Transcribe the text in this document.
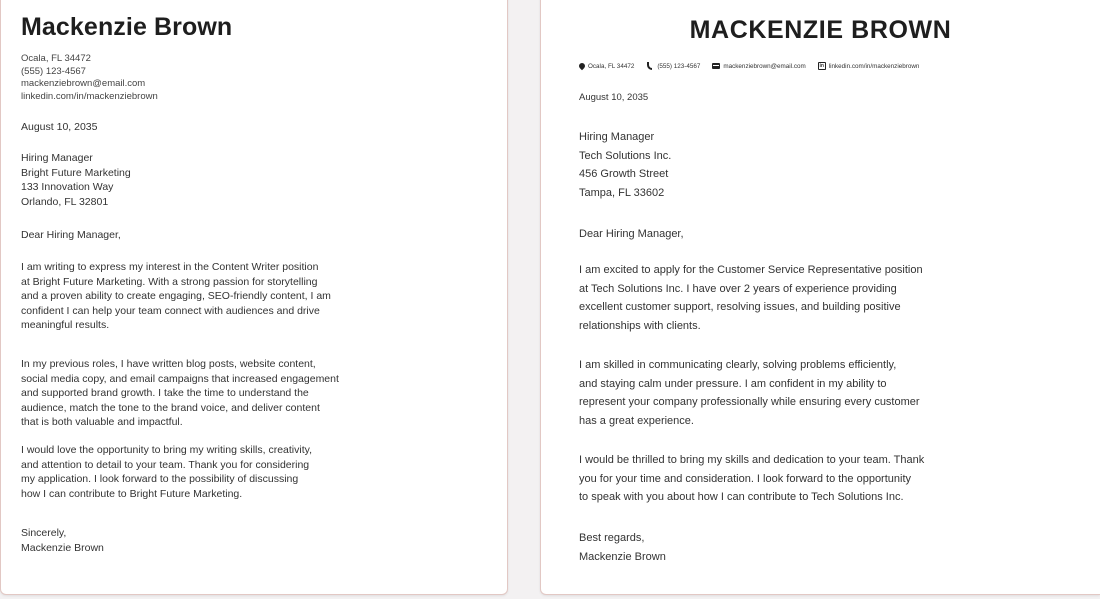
Mackenzie Brown
Ocala, FL 34472
(555) 123-4567
mackenziebrown@email.com
linkedin.com/in/mackenziebrown
August 10, 2035
Hiring Manager
Bright Future Marketing
133 Innovation Way
Orlando, FL 32801
Dear Hiring Manager,
I am writing to express my interest in the Content Writer position
at Bright Future Marketing. With a strong passion for storytelling
and a proven ability to create engaging, SEO-friendly content, I am
confident I can help your team connect with audiences and drive
meaningful results.
In my previous roles, I have written blog posts, website content,
social media copy, and email campaigns that increased engagement
and supported brand growth. I take the time to understand the
audience, match the tone to the brand voice, and deliver content
that is both valuable and impactful.
I would love the opportunity to bring my writing skills, creativity,
and attention to detail to your team. Thank you for considering
my application. I look forward to the possibility of discussing
how I can contribute to Bright Future Marketing.
Sincerely,
Mackenzie Brown
MACKENZIE BROWN
Ocala, FL 34472	(555) 123-4567	mackenziebrown@email.com	in linkedin.com/in/mackenziebrown
August 10, 2035
Hiring Manager
Tech Solutions Inc.
456 Growth Street
Tampa, FL 33602
Dear Hiring Manager,
I am excited to apply for the Customer Service Representative position
at Tech Solutions Inc. I have over 2 years of experience providing
excellent customer support, resolving issues, and building positive
relationships with clients.
I am skilled in communicating clearly, solving problems efficiently,
and staying calm under pressure. I am confident in my ability to
represent your company professionally while ensuring every customer
has a great experience.
I would be thrilled to bring my skills and dedication to your team. Thank
you for your time and consideration. I look forward to the opportunity
to speak with you about how I can contribute to Tech Solutions Inc.
Best regards,
Mackenzie Brown
